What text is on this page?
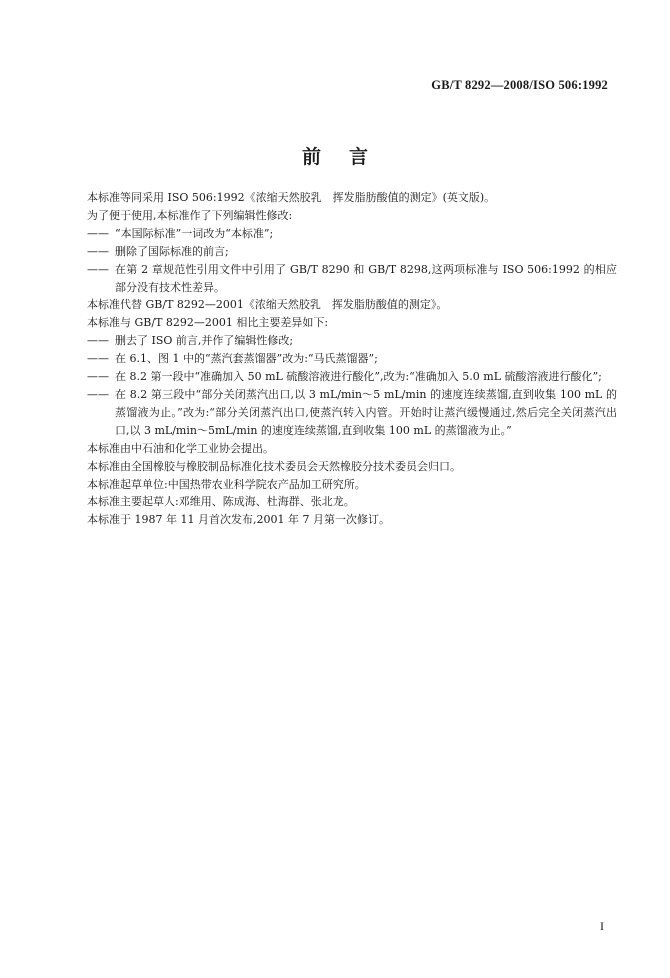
GB/T 8292—2008/ISO 506:1992
前言
本标准等同采用 ISO 506:1992《浓缩天然胶乳　挥发脂肪酸值的测定》(英文版)。
为了便于使用,本标准作了下列编辑性修改:
—— “本国际标准”一词改为“本标准”;
—— 删除了国际标准的前言;
—— 在第 2 章规范性引用文件中引用了 GB/T 8290 和 GB/T 8298,这两项标准与 ISO 506:1992 的相应部分没有技术性差异。
本标准代替 GB/T 8292—2001《浓缩天然胶乳　挥发脂肪酸值的测定》。
本标准与 GB/T 8292—2001 相比主要差异如下:
—— 删去了 ISO 前言,并作了编辑性修改;
—— 在 6.1、图 1 中的“蒸汽套蒸馏器”改为:“马氏蒸馏器”;
—— 在 8.2 第一段中“准确加入 50 mL 硫酸溶液进行酸化”,改为:“准确加入 5.0 mL 硫酸溶液进行酸化”;
—— 在 8.2 第三段中“部分关闭蒸汽出口,以 3 mL/min～5 mL/min 的速度连续蒸馏,直到收集 100 mL 的蒸馏液为止。”改为:“部分关闭蒸汽出口,使蒸汽转入内管。开始时让蒸汽缓慢通过,然后完全关闭蒸汽出口,以 3 mL/min～5mL/min 的速度连续蒸馏,直到收集 100 mL 的蒸馏液为止。”
本标准由中石油和化学工业协会提出。
本标准由全国橡胶与橡胶制品标准化技术委员会天然橡胶分技术委员会归口。
本标准起草单位:中国热带农业科学院农产品加工研究所。
本标准主要起草人:邓维用、陈成海、杜海群、张北龙。
本标准于 1987 年 11 月首次发布,2001 年 7 月第一次修订。
I
